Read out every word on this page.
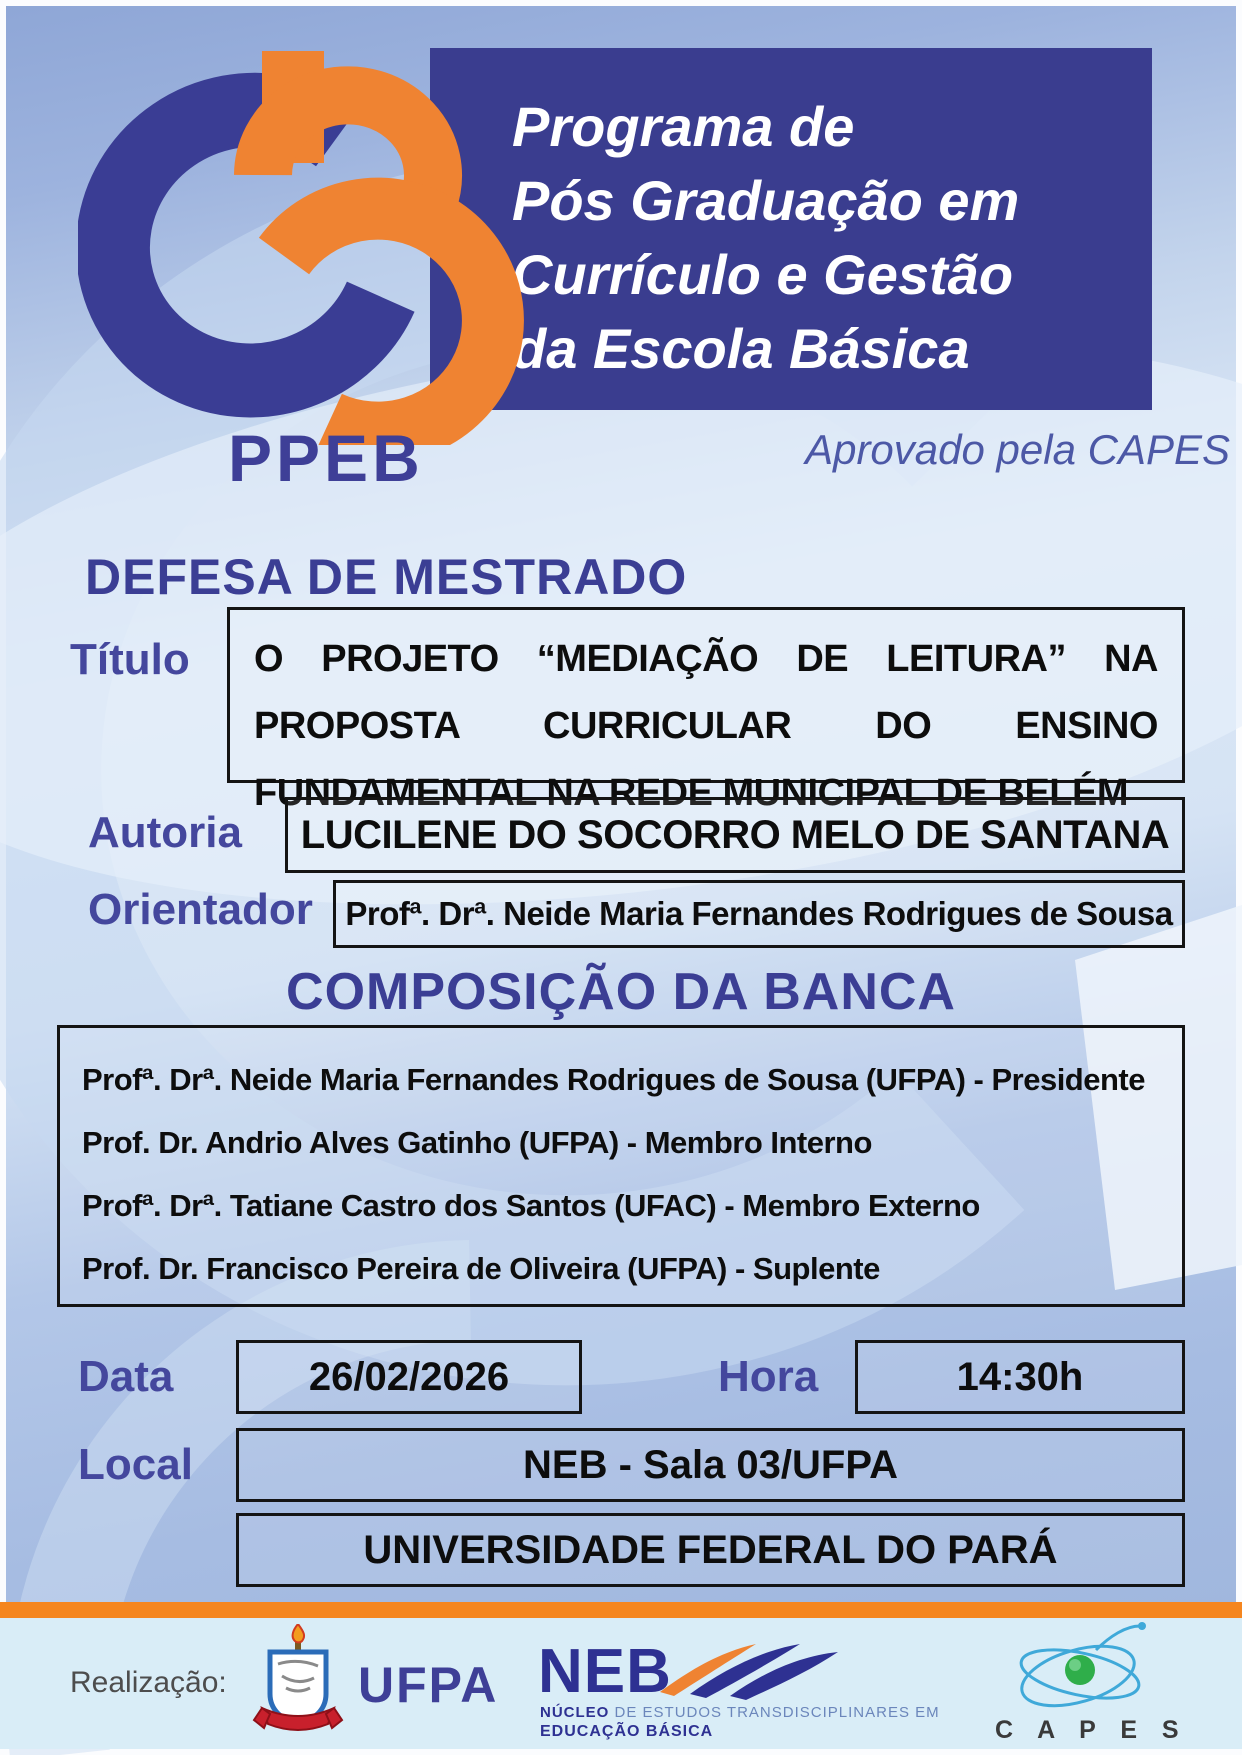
Programa de
Pós Graduação em
Currículo e Gestão
da Escola Básica
PPEB	Aprovado pela CAPES
DEFESA DE MESTRADO
Título O PROJETO “MEDIAÇÃO DE LEITURA” NA PROPOSTA CURRICULAR DO ENSINO FUNDAMENTAL NA REDE MUNICIPAL DE BELÉM
Autoria LUCILENE DO SOCORRO MELO DE SANTANA
Orientador Profª. Drª. Neide Maria Fernandes Rodrigues de Sousa
COMPOSIÇÃO DA BANCA
Profª. Drª. Neide Maria Fernandes Rodrigues de Sousa (UFPA) - Presidente
Prof. Dr. Andrio Alves Gatinho (UFPA) - Membro Interno
Profª. Drª. Tatiane Castro dos Santos (UFAC) - Membro Externo
Prof. Dr. Francisco Pereira de Oliveira (UFPA) - Suplente
Data	26/02/2026	Hora	14:30h
Local	NEB - Sala 03/UFPA
UNIVERSIDADE FEDERAL DO PARÁ
Realização:	UFPA NEB
NÚCLEO DE ESTUDOS TRANSDISCIPLINARES EM
EDUCAÇÃO BÁSICA	C A P E S
